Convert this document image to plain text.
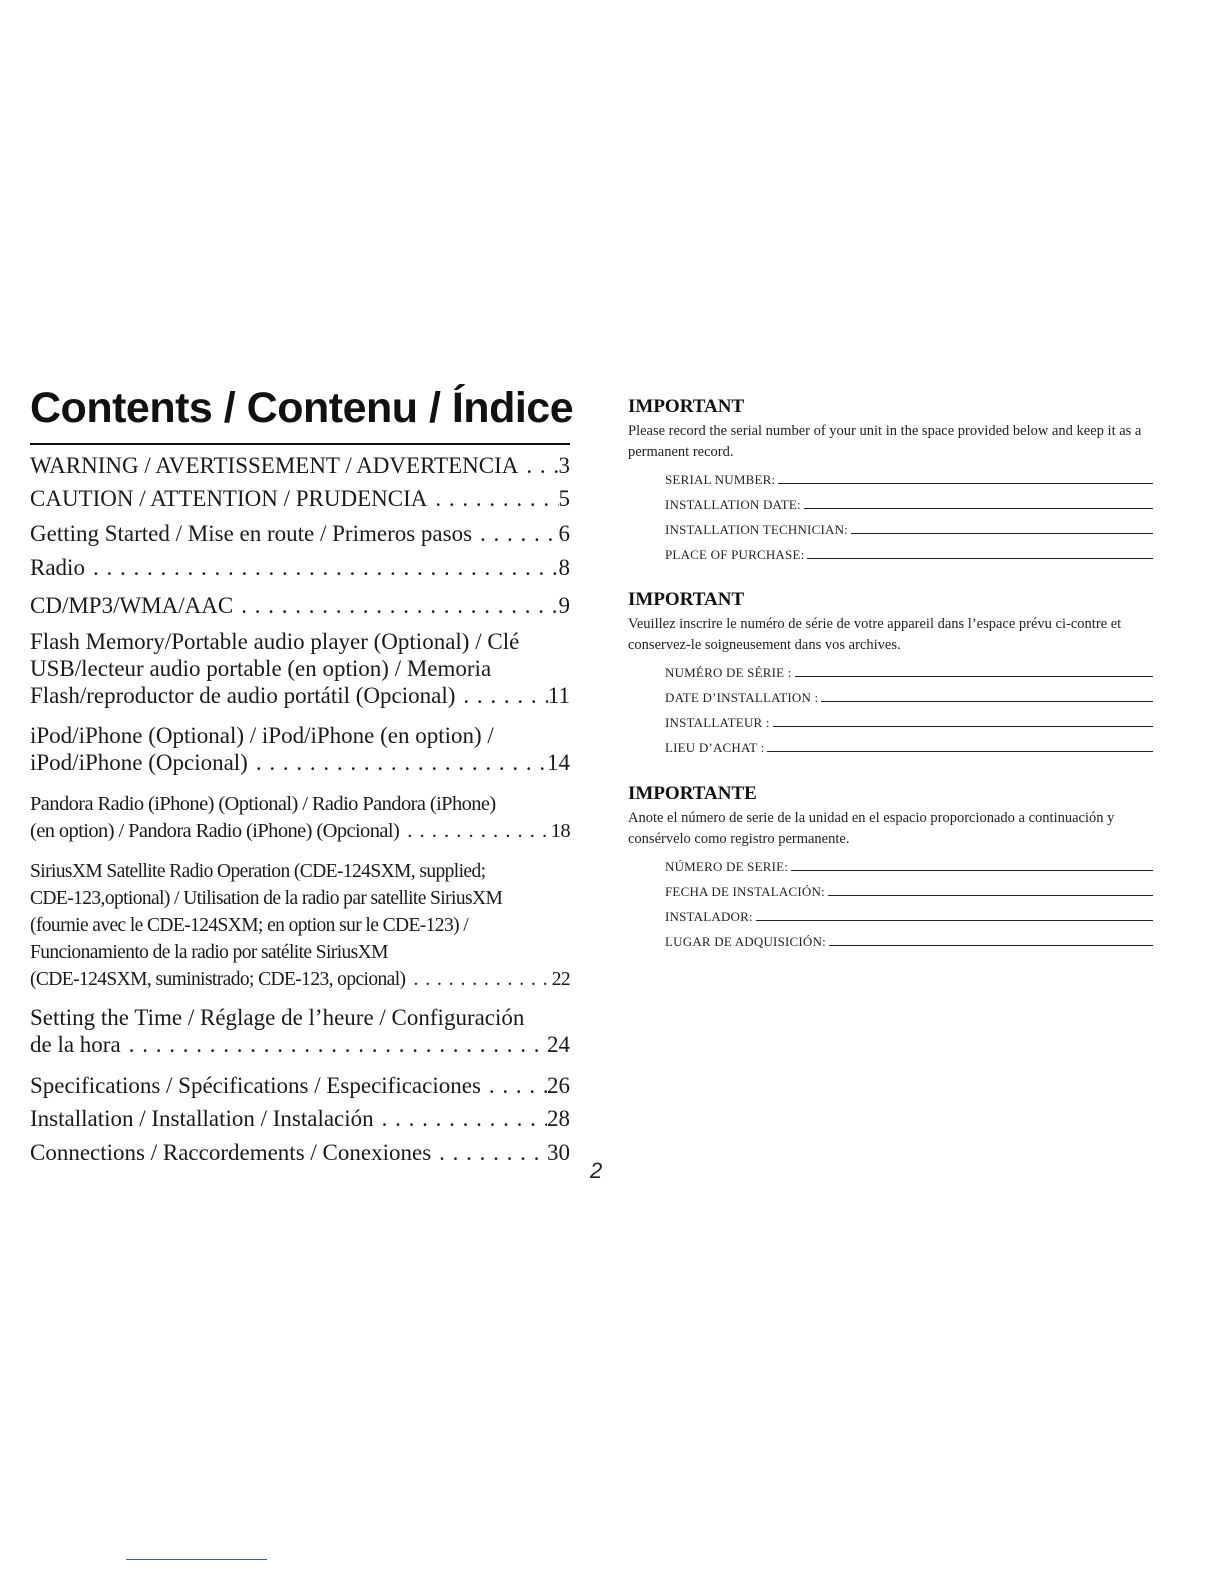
Contents / Contenu / Índice
WARNING / AVERTISSEMENT / ADVERTENCIA . . . 3
CAUTION / ATTENTION / PRUDENCIA . . .	5
Getting Started / Mise en route / Primeros pasos . . .	6
Radio . . .	8
CD/MP3/WMA/AAC . . .	9
Flash Memory/Portable audio player (Optional) / Clé
USB/lecteur audio portable (en option) / Memoria
Flash/reproductor de audio portátil (Opcional) . . .	11
iPod/iPhone (Optional) / iPod/iPhone (en option) /
iPod/iPhone (Opcional) . . .	14
Pandora Radio (iPhone) (Optional) / Radio Pandora (iPhone)
(en option) / Pandora Radio (iPhone) (Opcional) . . .	18
SiriusXM Satellite Radio Operation (CDE-124SXM, supplied;
CDE-123,optional) / Utilisation de la radio par satellite SiriusXM
(fournie avec le CDE-124SXM; en option sur le CDE-123) /
Funcionamiento de la radio por satélite SiriusXM
(CDE-124SXM, suministrado; CDE-123, opcional) . . .	22
Setting the Time / Réglage de l’heure / Configuración
de la hora . . .	24
Specifications / Spécifications / Especificaciones . . .	26
Installation / Installation / Instalación . . .	28
Connections / Raccordements / Conexiones . . .	30
2

IMPORTANT

Please record the serial number of your unit in the space provided below and keep it as a permanent record.

SERIAL NUMBER:
INSTALLATION DATE:
INSTALLATION TECHNICIAN:
PLACE OF PURCHASE:

IMPORTANT

Veuillez inscrire le numéro de série de votre appareil dans l’espace prévu ci-contre et conservez-le soigneusement dans vos archives.

NUMÉRO DE SÉRIE :
DATE D’INSTALLATION :
INSTALLATEUR :
LIEU D’ACHAT :

IMPORTANTE

Anote el número de serie de la unidad en el espacio proporcionado a continuación y consérvelo como registro permanente.

NÚMERO DE SERIE:
FECHA DE INSTALACIÓN:
INSTALADOR:
LUGAR DE ADQUISICIÓN:
